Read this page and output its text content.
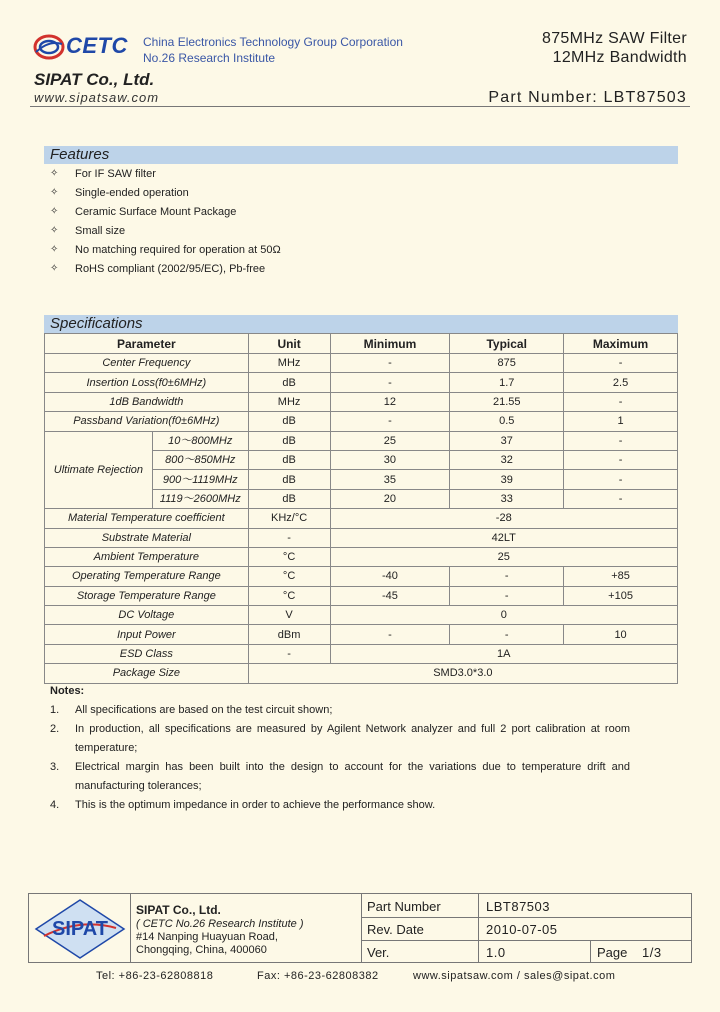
CETC China Electronics Technology Group Corporation
No.26 Research Institute
SIPAT Co., Ltd.
www.sipatsaw.com
875MHz SAW Filter
12MHz Bandwidth
Part Number: LBT87503
Features
✧ For IF SAW filter
✧ Single-ended operation
✧ Ceramic Surface Mount Package
✧ Small size
✧ No matching required for operation at 50Ω
✧ RoHS compliant (2002/95/EC), Pb-free
Specifications
Parameter		Unit	Minimum	Typical	Maximum
Center Frequency		MHz	-	875	-
Insertion Loss(f0±6MHz)		dB	-	1.7	2.5
1dB Bandwidth		MHz	12	21.55	-
Passband Variation(f0±6MHz)		dB	-	0.5	1
Ultimate Rejection	10～800MHz	dB	25	37	-
	800～850MHz	dB	30	32	-
	900～1119MHz	dB	35	39	-
	1119～2600MHz	dB	20	33	-
Material Temperature coefficient		KHz/°C	-28		
Substrate Material		-	42LT		
Ambient Temperature		°C	25		
Operating Temperature Range		°C	-40	-	+85
Storage Temperature Range		°C	-45	-	+105
DC Voltage		V	0		
Input Power		dBm	-	-	10
ESD Class		-	1A		
Package Size		SMD3.0*3.0			
Notes:
1.	All specifications are based on the test circuit shown;
2.	In production, all specifications are measured by Agilent Network analyzer and full 2 port calibration at room temperature;
3.	Electrical margin has been built into the design to account for the variations due to temperature drift and manufacturing tolerances;
4.	This is the optimum impedance in order to achieve the performance show.
SIPAT
SIPAT Co., Ltd.
( CETC No.26 Research Institute )
#14 Nanping Huayuan Road,
Chongqing, China, 400060
Part Number	LBT87503
Rev. Date	2010-07-05
Ver.	1.0	Page 1/3
Tel: +86-23-62808818	Fax: +86-23-62808382	www.sipatsaw.com / sales@sipat.com
